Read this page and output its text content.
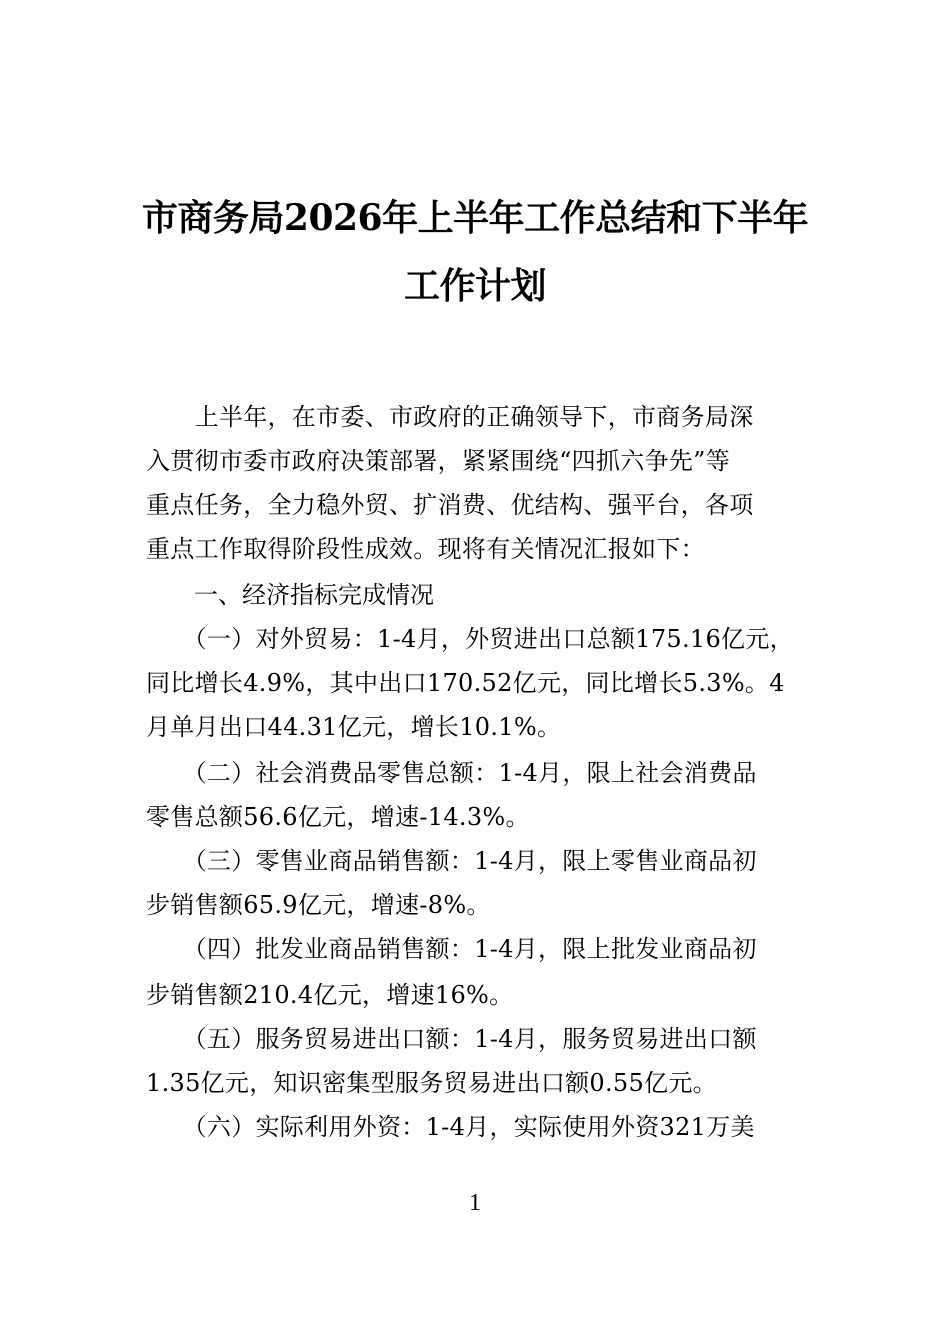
市商务局2026年上半年工作总结和下半年
工作计划
　　上半年，在市委、市政府的正确领导下，市商务局深
入贯彻市委市政府决策部署，紧紧围绕“四抓六争先”等
重点任务，全力稳外贸、扩消费、优结构、强平台，各项
重点工作取得阶段性成效。现将有关情况汇报如下：
一、经济指标完成情况
　　（一）对外贸易：1-4月，外贸进出口总额175.16亿元，
同比增长4.9%，其中出口170.52亿元，同比增长5.3%。4
月单月出口44.31亿元，增长10.1%。
　　（二）社会消费品零售总额：1-4月，限上社会消费品
零售总额56.6亿元，增速-14.3%。
　　（三）零售业商品销售额：1-4月，限上零售业商品初
步销售额65.9亿元，增速-8%。
　　（四）批发业商品销售额：1-4月，限上批发业商品初
步销售额210.4亿元，增速16%。
　　（五）服务贸易进出口额：1-4月，服务贸易进出口额
1.35亿元，知识密集型服务贸易进出口额0.55亿元。
　　（六）实际利用外资：1-4月，实际使用外资321万美
1
